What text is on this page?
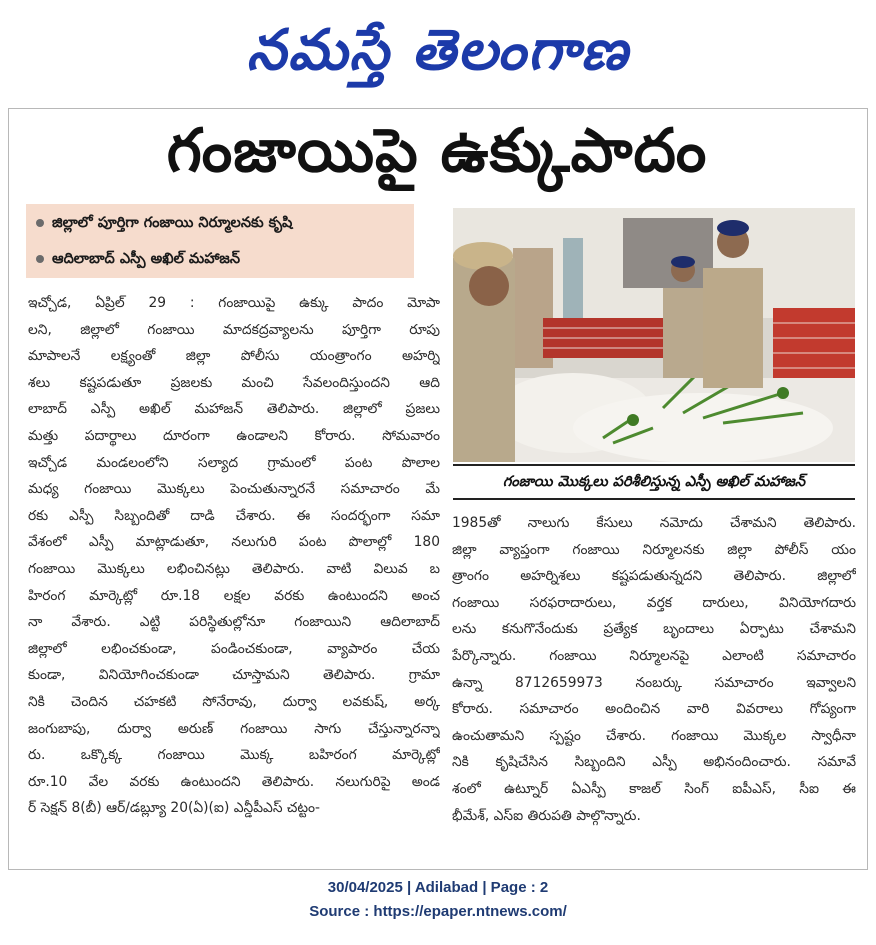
నమస్తే తెలంగాణ
గంజాయిపై ఉక్కుపాదం
జిల్లాలో పూర్తిగా గంజాయి నిర్మూలనకు కృషి
ఆదిలాబాద్ ఎస్పీ అఖిల్ మహాజన్
గంజాయి మొక్కలు పరిశీలిస్తున్న ఎస్పీ అఖిల్ మహాజన్
ఇచ్చోడ, ఏప్రిల్ 29 : గంజాయిపై ఉక్కు పాదం మోపా
లని, జిల్లాలో గంజాయి మాదకద్రవ్యాలను పూర్తిగా రూపు
మాపాలనే లక్ష్యంతో జిల్లా పోలీసు యంత్రాంగం అహర్ని
శలు కష్టపడుతూ ప్రజలకు మంచి సేవలందిస్తుందని ఆది
లాబాద్ ఎస్పీ అఖిల్ మహాజన్ తెలిపారు. జిల్లాలో ప్రజలు
మత్తు పదార్థాలు దూరంగా ఉండాలని కోరారు. సోమవారం
ఇచ్చోడ మండలంలోని సల్యాద గ్రామంలో పంట పొలాల
మధ్య గంజాయి మొక్కలు పెంచుతున్నారనే సమాచారం మే
రకు ఎస్పీ సిబ్బందితో దాడి చేశారు. ఈ సందర్భంగా సమా
వేశంలో ఎస్పీ మాట్లాడుతూ, నలుగురి పంట పొలాల్లో 180
గంజాయి మొక్కలు లభించినట్లు తెలిపారు. వాటి విలువ బ
హిరంగ మార్కెట్లో రూ.18 లక్షల వరకు ఉంటుందని అంచ
నా వేశారు. ఎట్టి పరిస్థితుల్లోనూ గంజాయిని ఆదిలాబాద్
జిల్లాలో లభించకుండా, పండించకుండా, వ్యాపారం చేయ
కుండా, వినియోగించకుండా చూస్తామని తెలిపారు. గ్రామా
నికి చెందిన చహకటి సోనేరావు, దుర్వా లవకుష్, అర్క
జంగుబాపు, దుర్వా అరుణ్ గంజాయి సాగు చేస్తున్నారన్నా
రు. ఒక్కొక్క గంజాయి మొక్క బహిరంగ మార్కెట్లో
రూ.10 వేల వరకు ఉంటుందని తెలిపారు. నలుగురిపై అండ
ర్ సెక్షన్ 8(బీ) ఆర్/డబ్ల్యూ 20(ఏ)(ఐ) ఎన్డీపీఎస్ చట్టం-
1985తో నాలుగు కేసులు నమోదు చేశామని తెలిపారు.
జిల్లా వ్యాప్తంగా గంజాయి నిర్మూలనకు జిల్లా పోలీస్ యం
త్రాంగం అహర్నిశలు కష్టపడుతున్నదని తెలిపారు. జిల్లాలో
గంజాయి సరఫరాదారులు, వర్తక దారులు, వినియోగదారు
లను కనుగొనేందుకు ప్రత్యేక బృందాలు ఏర్పాటు చేశామని
పేర్కొన్నారు. గంజాయి నిర్మూలనపై ఎలాంటి సమాచారం
ఉన్నా 8712659973 నంబర్కు సమాచారం ఇవ్వాలని
కోరారు. సమాచారం అందించిన వారి వివరాలు గోప్యంగా
ఉంచుతామని స్పష్టం చేశారు. గంజాయి మొక్కల స్వాధీనా
నికి కృషిచేసిన సిబ్బందిని ఎస్పీ అభినందించారు. సమావే
శంలో ఉట్నూర్ ఏఎస్పీ కాజల్ సింగ్ ఐపీఎస్, సీఐ ఈ
భీమేశ్, ఎస్ఐ తిరుపతి పాల్గొన్నారు.
30/04/2025 | Adilabad | Page : 2
Source : https://epaper.ntnews.com/
